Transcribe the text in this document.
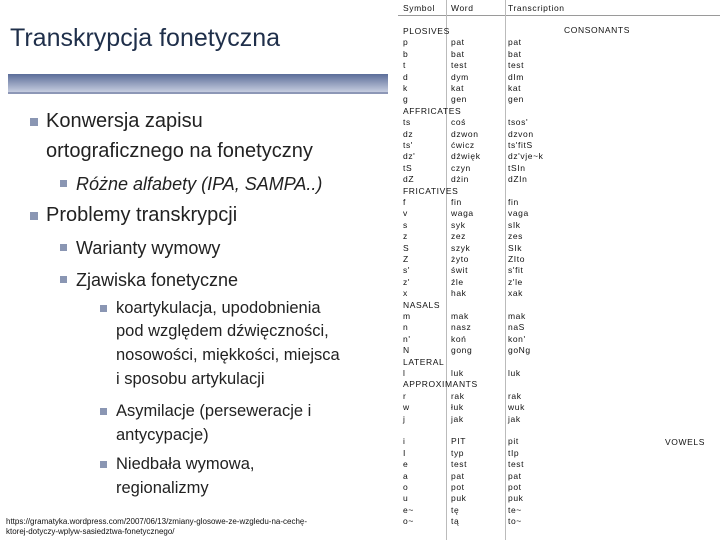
Transkrypcja fonetyczna
Konwersja zapisu
ortograficznego na fonetyczny
Różne alfabety (IPA, SAMPA..)
Problemy transkrypcji
Warianty wymowy
Zjawiska fonetyczne
koartykulacja, upodobnienia
pod względem dźwięczności,
nosowości, miękkości, miejsca
i sposobu artykulacji
Asymilacje (perseweracje i
antycypacje)
Niedbała wymowa,
regionalizmy
https://gramatyka.wordpress.com/2007/06/13/zmiany-glosowe-ze-wzgledu-na-cechę-
ktorej-dotyczy-wplyw-sasiedztwa-fonetycznego/
Symbol Word	Transcription
CONSONANTS
VOWELS
PLOSIVES
p	pat	pat
b	bat	bat
t	test	test
d	dym	dIm
k	kat	kat
g	gen	gen
AFFRICATES
ts	coś	tsos'
dz	dzwon	dzvon
ts'	ćwicz	ts'fitS
dz'	dźwięk	dz'vje~k
tS	czyn	tSIn
dZ	dżin	dZIn
FRICATIVES
f	fin	fin
v	wagа	vaga
s	syk	sIk
z	zez	zes
S	szyk	SIk
Z	żyto	ZIto
s'	świt	s'fit
z'	źle	z'le
x	hak	xak
NASALS
m	mak	mak
n	nasz	naS
n'	koń	kon'
N	gong	goNg
LATERAL
l	luk	luk
APPROXIMANTS
r	rak	rak
w	łuk	wuk
j	jak	jak
i	PIT	pit
I	typ	tIp
e	test	test
a	pat	pat
o	pot	pot
u	puk	puk
e~	tę	te~
o~	tą	to~
